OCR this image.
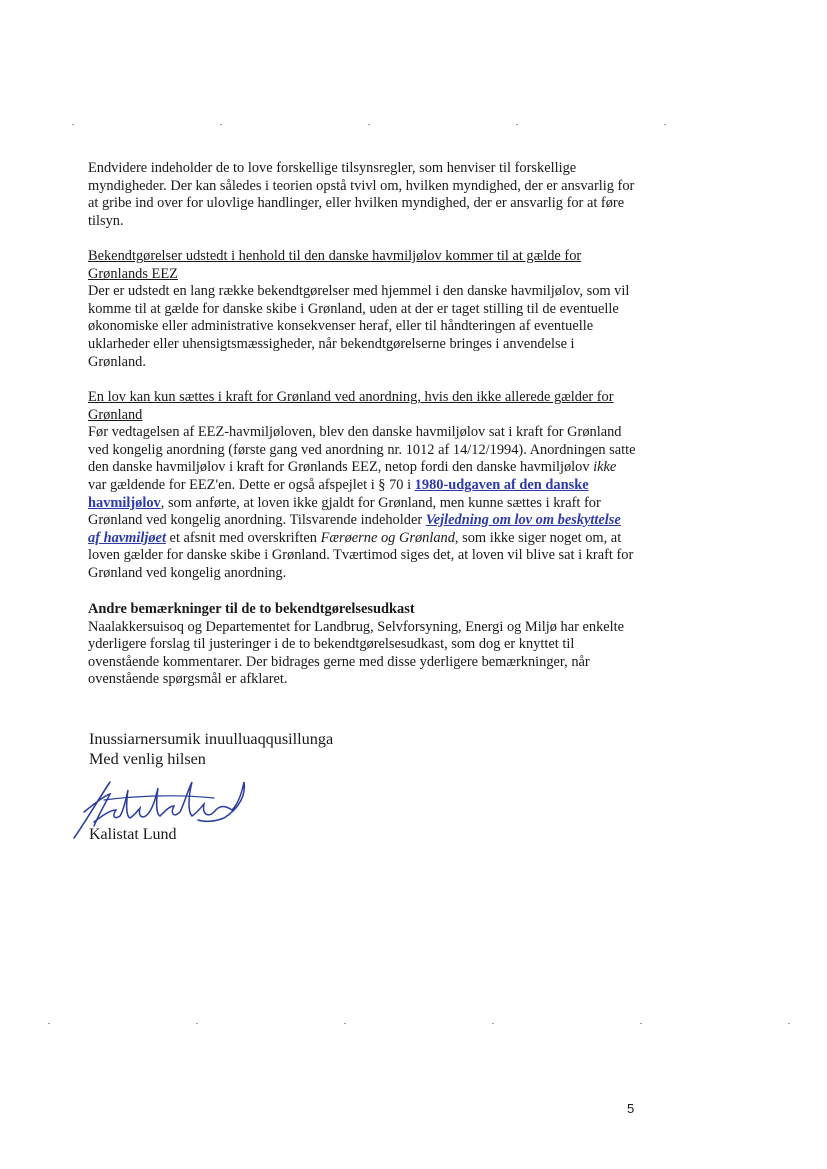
Endvidere indeholder de to love forskellige tilsynsregler, som henviser til forskellige myndigheder. Der kan således i teorien opstå tvivl om, hvilken myndighed, der er ansvarlig for at gribe ind over for ulovlige handlinger, eller hvilken myndighed, der er ansvarlig for at føre tilsyn.

Bekendtgørelser udstedt i henhold til den danske havmiljølov kommer til at gælde for Grønlands EEZ
Der er udstedt en lang række bekendtgørelser med hjemmel i den danske havmiljølov, som vil komme til at gælde for danske skibe i Grønland, uden at der er taget stilling til de eventuelle økonomiske eller administrative konsekvenser heraf, eller til håndteringen af eventuelle uklarheder eller uhensigtsmæssigheder, når bekendtgørelserne bringes i anvendelse i Grønland.
En lov kan kun sættes i kraft for Grønland ved anordning, hvis den ikke allerede gælder for Grønland
Før vedtagelsen af EEZ-havmiljøloven, blev den danske havmiljølov sat i kraft for Grønland ved kongelig anordning (første gang ved anordning nr. 1012 af 14/12/1994). Anordningen satte den danske havmiljølov i kraft for Grønlands EEZ, netop fordi den danske havmiljølov ikke var gældende for EEZ'en. Dette er også afspejlet i § 70 i 1980-udgaven af den danske havmiljølov, som anførte, at loven ikke gjaldt for Grønland, men kunne sættes i kraft for Grønland ved kongelig anordning. Tilsvarende indeholder Vejledning om lov om beskyttelse af havmiljøet et afsnit med overskriften Færøerne og Grønland, som ikke siger noget om, at loven gælder for danske skibe i Grønland. Tværtimod siges det, at loven vil blive sat i kraft for Grønland ved kongelig anordning.
Andre bemærkninger til de to bekendtgørelsesudkast
Naalakkersuisoq og Departementet for Landbrug, Selvforsyning, Energi og Miljø har enkelte yderligere forslag til justeringer i de to bekendtgørelsesudkast, som dog er knyttet til ovenstående kommentarer. Der bidrages gerne med disse yderligere bemærkninger, når ovenstående spørgsmål er afklaret.
Inussiarnersumik inuulluaqqusillunga
Med venlig hilsen
Kalistat Lund
5
